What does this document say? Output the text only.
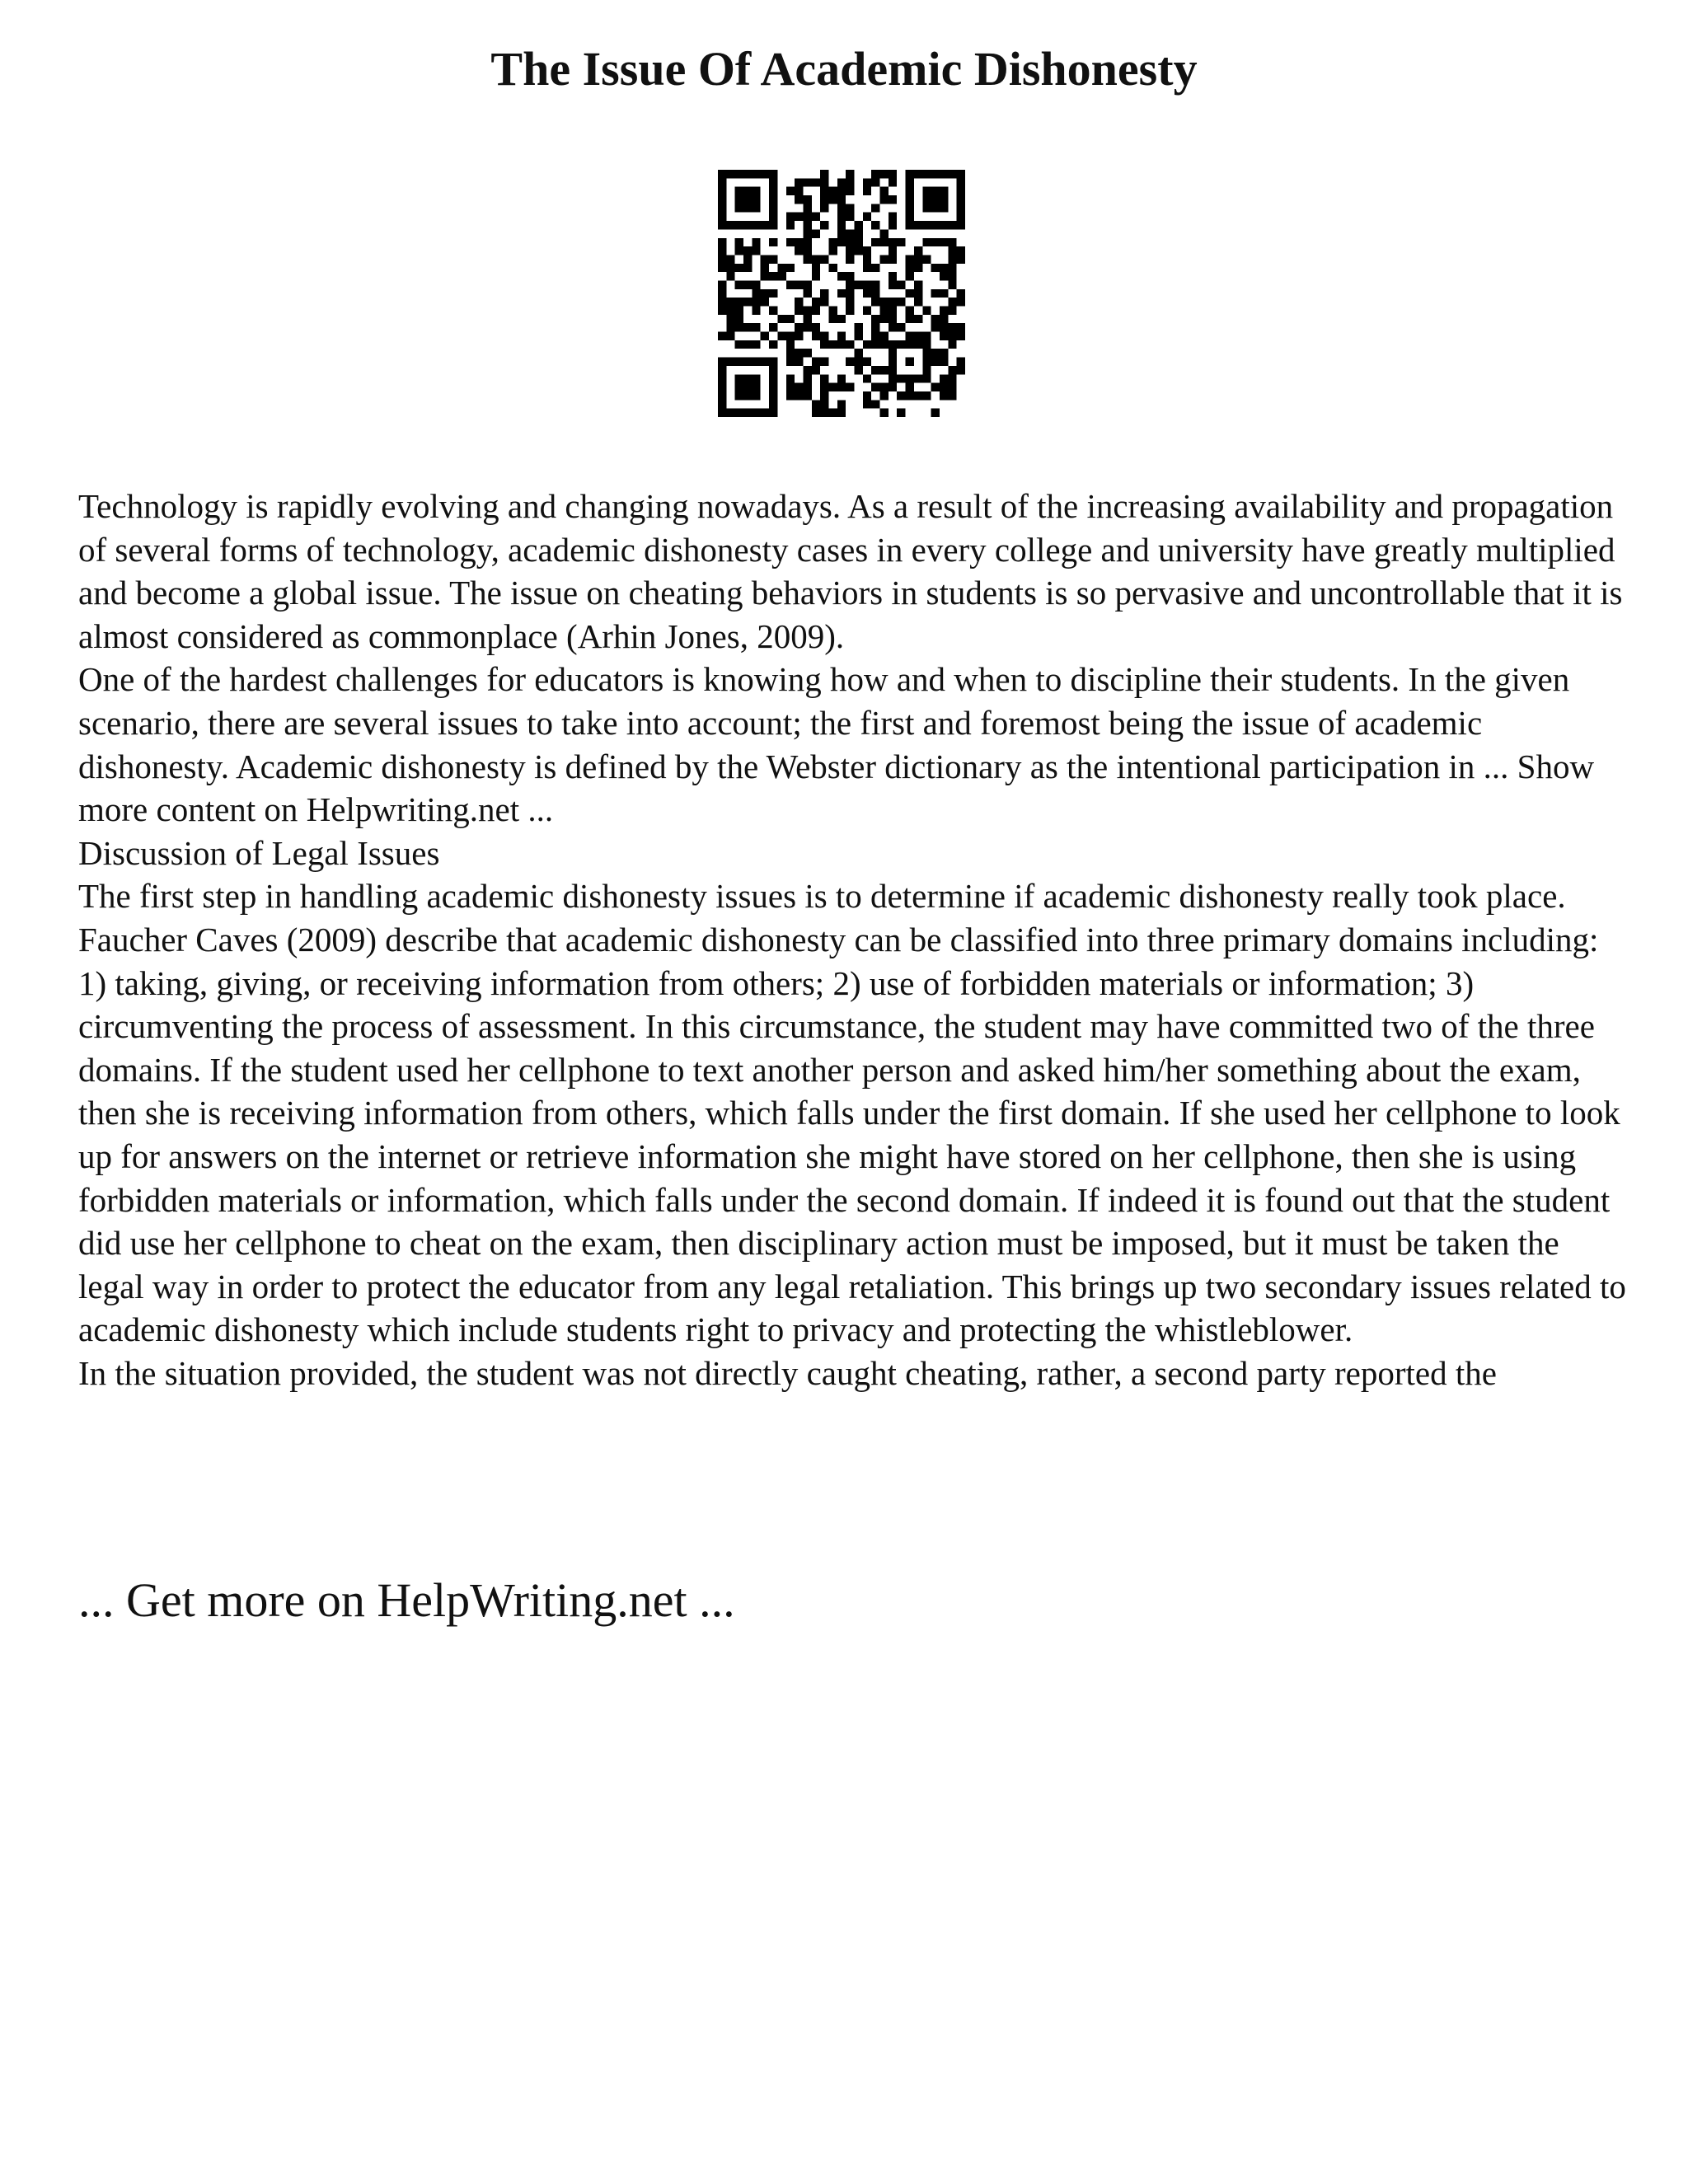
The Issue Of Academic Dishonesty

Technology is rapidly evolving and changing nowadays. As a result of the increasing availability and propagation of several forms of technology, academic dishonesty cases in every college and university have greatly multiplied and become a global issue. The issue on cheating behaviors in students is so pervasive and uncontrollable that it is almost considered as commonplace (Arhin Jones, 2009).

One of the hardest challenges for educators is knowing how and when to discipline their students. In the given scenario, there are several issues to take into account; the first and foremost being the issue of academic dishonesty. Academic dishonesty is defined by the Webster dictionary as the intentional participation in ... Show more content on Helpwriting.net ...

Discussion of Legal Issues

The first step in handling academic dishonesty issues is to determine if academic dishonesty really took place. Faucher Caves (2009) describe that academic dishonesty can be classified into three primary domains including: 1) taking, giving, or receiving information from others; 2) use of forbidden materials or information; 3) circumventing the process of assessment. In this circumstance, the student may have committed two of the three domains. If the student used her cellphone to text another person and asked him/her something about the exam, then she is receiving information from others, which falls under the first domain. If she used her cellphone to look up for answers on the internet or retrieve information she might have stored on her cellphone, then she is using forbidden materials or information, which falls under the second domain. If indeed it is found out that the student did use her cellphone to cheat on the exam, then disciplinary action must be imposed, but it must be taken the legal way in order to protect the educator from any legal retaliation. This brings up two secondary issues related to academic dishonesty which include students right to privacy and protecting the whistleblower.

In the situation provided, the student was not directly caught cheating, rather, a second party reported the

... Get more on HelpWriting.net ...
